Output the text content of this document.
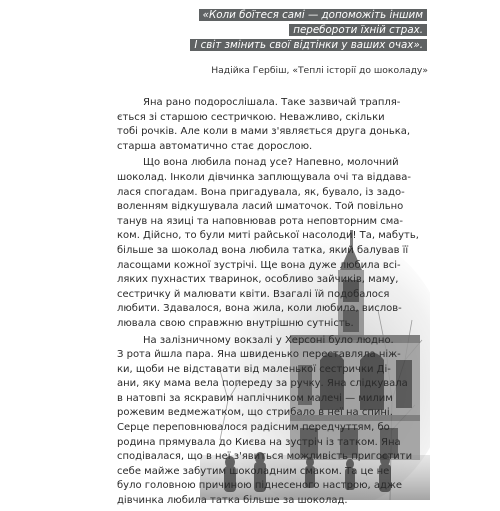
«Коли боїтеся самі — допоможіть іншим
перебороти їхній страх.
І світ змінить свої відтінки у ваших очах».
Надійка Гербіш, «Теплі історії до шоколаду»

Яна рано подорослішала. Таке зазвичай трапля-
ється зі старшою сестричкою. Неважливо, скільки
тобі рочків. Але коли в мами з'являється друга донька,
старша автоматично стає дорослою.

Що вона любила понад усе? Напевно, молочний
шоколад. Інколи дівчинка заплющувала очі та віддава-
лася спогадам. Вона пригадувала, як, бувало, із задо-
воленням відкушувала ласий шматочок. Той повільно
танув на язиці та наповнював рота неповторним сма-
ком. Дійсно, то були миті райської насолоди! Та, мабуть,
більше за шоколад вона любила татка, який балував її
ласощами кожної зустрічі. Ще вона дуже любила всі-
ляких пухнастих тваринок, особливо зайчиків, маму,
сестричку й малювати квіти. Взагалі їй подобалося
любити. Здавалося, вона жила, коли любила, вислов-
лювала свою справжню внутрішню сутність.

На залізничному вокзалі у Херсоні було людно.
З рота йшла пара. Яна швиденько переставляла ніж-
ки, щоби не відставати від маленької сестрички Ді-
ани, яку мама вела попереду за ручку. Яна слідкувала
в натовпі за яскравим наплічником малечі — милим
рожевим ведмежатком, що стрибало в неї на спині.
Серце переповнювалося радісним передчуттям, бо
родина прямувала до Києва на зустріч із татком. Яна
сподівалася, що в неї з'явиться можливість пригостити
себе майже забутим шоколадним смаком. Та це не
було головною причиною піднесеного настрою, адже
дівчинка любила татка більше за шоколад.
